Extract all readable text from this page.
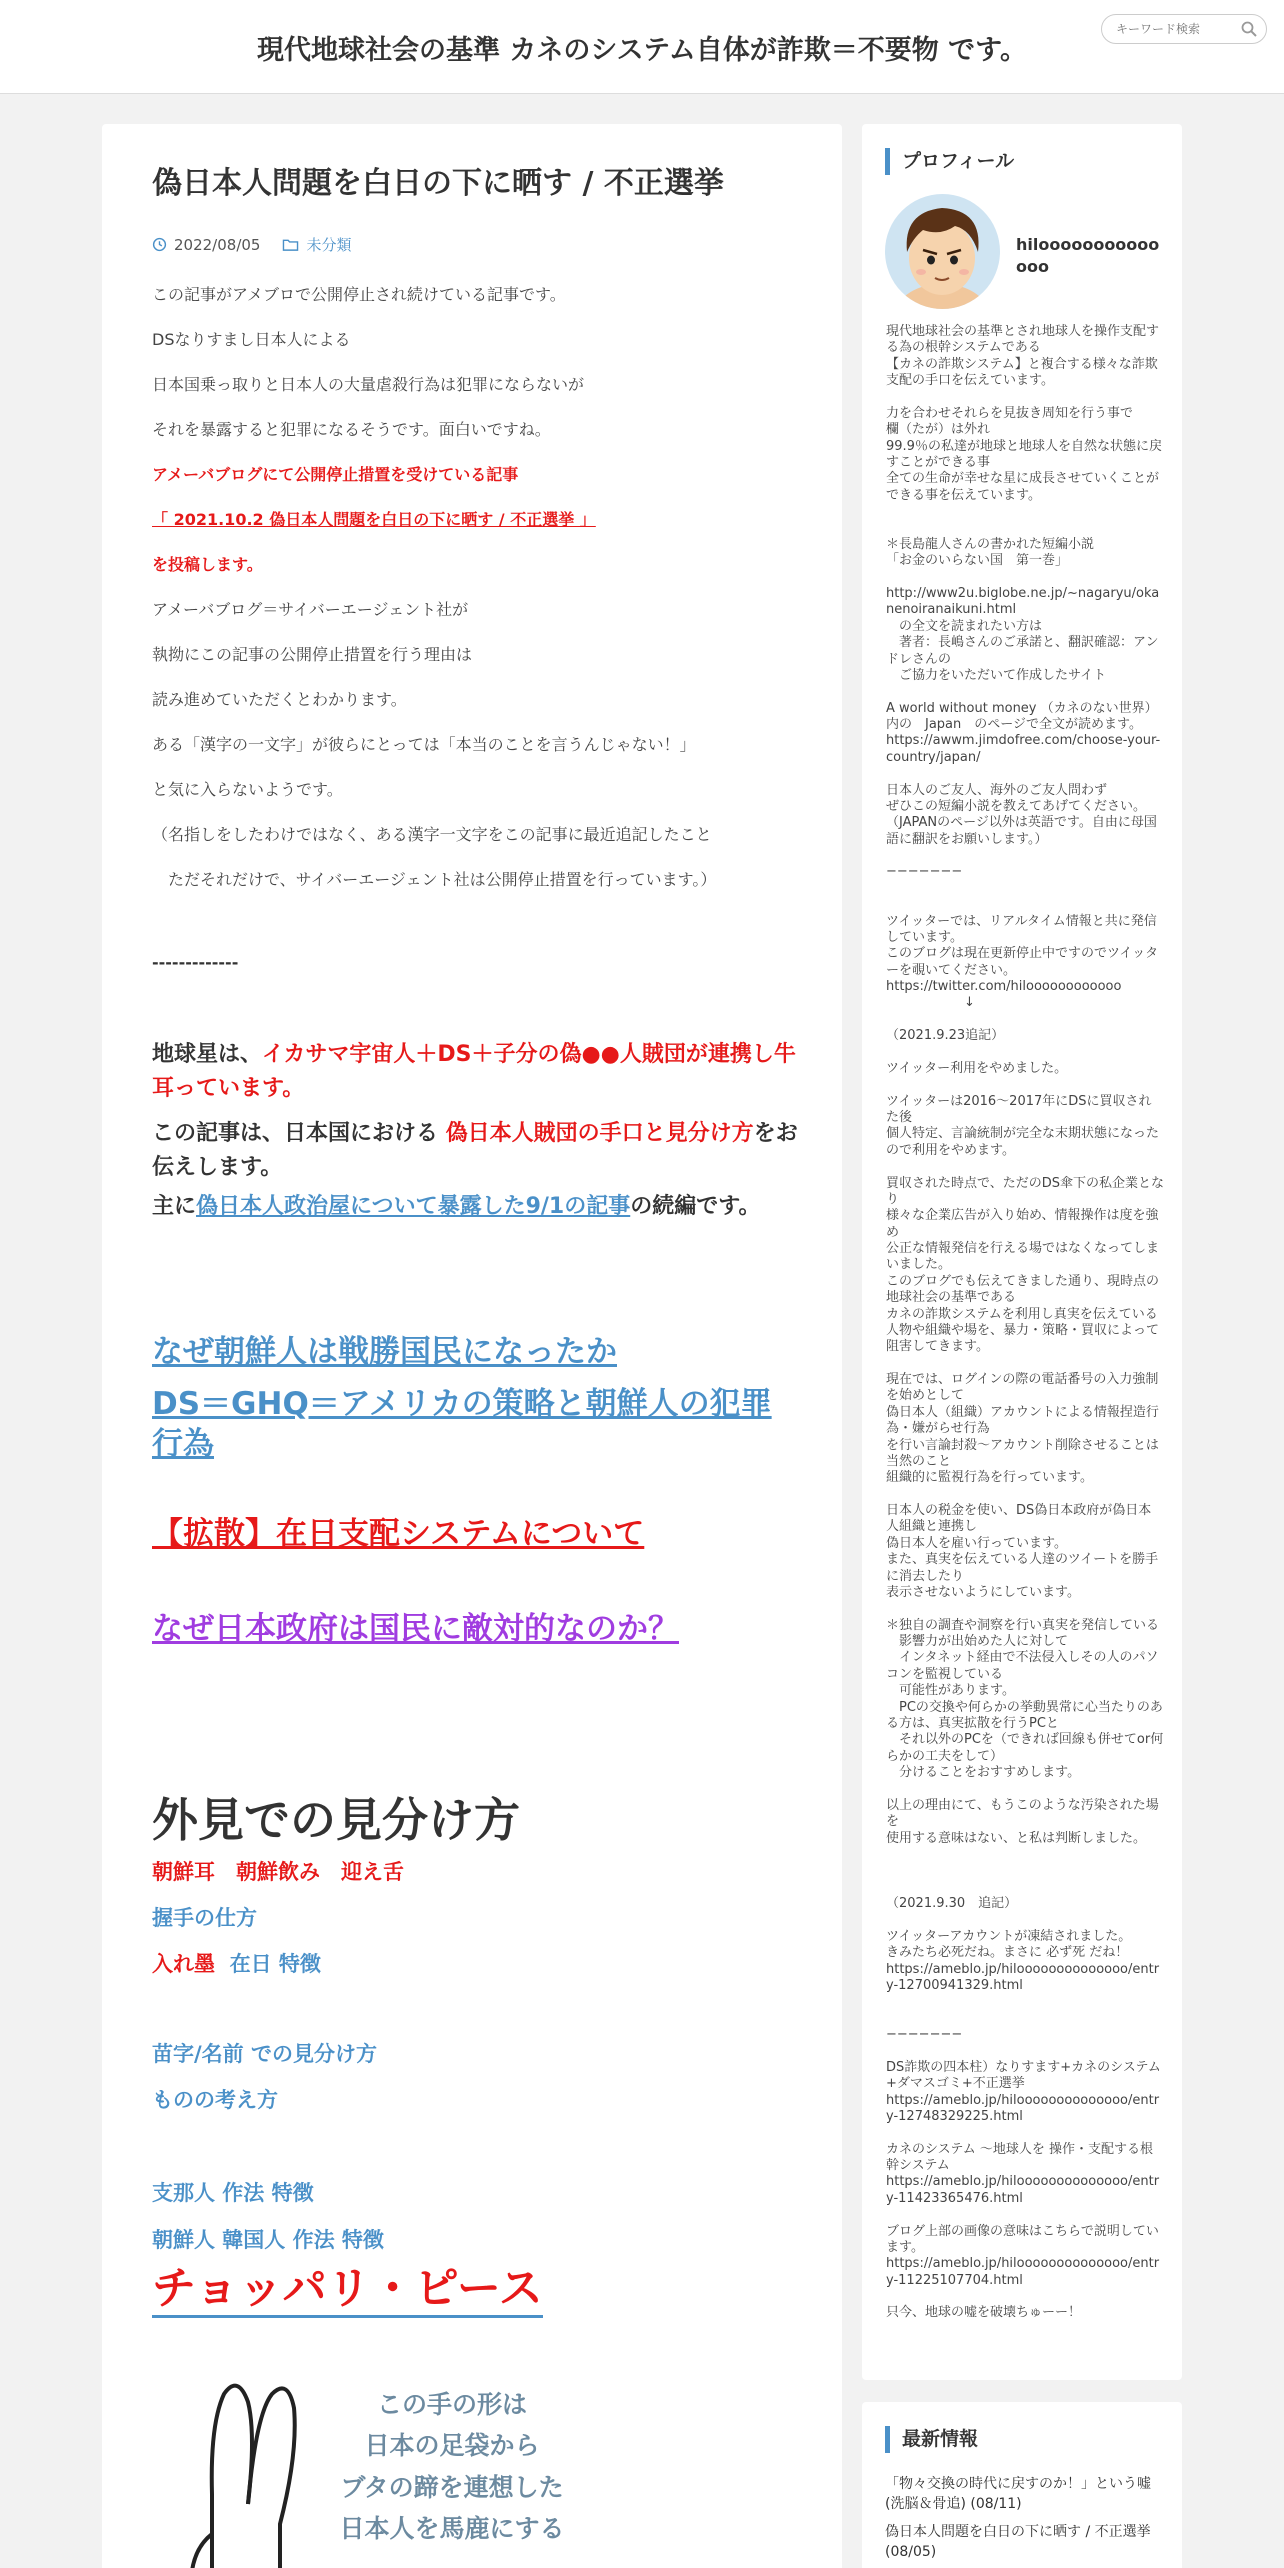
現代地球社会の基準 カネのシステム自体が詐欺＝不要物 です。
キーワード検索
偽日本人問題を白日の下に晒す / 不正選挙
2022/08/05	未分類
この記事がアメブロで公開停止され続けている記事です。
DSなりすまし日本人による
日本国乗っ取りと日本人の大量虐殺行為は犯罪にならないが
それを暴露すると犯罪になるそうです。面白いですね。
アメーバブログにて公開停止措置を受けている記事
「 2021.10.2 偽日本人問題を白日の下に晒す / 不正選挙 」
を投稿します。
アメーバブログ＝サイバーエージェント社が
執拗にこの記事の公開停止措置を行う理由は
読み進めていただくとわかります。
ある「漢字の一文字」が彼らにとっては「本当のことを言うんじゃない！」
と気に入らないようです。
（名指しをしたわけではなく、ある漢字一文字をこの記事に最近追記したこと
　ただそれだけで、サイバーエージェント社は公開停止措置を行っています。）
-------------
地球星は、イカサマ宇宙人＋DS＋子分の偽●●人賊団が連携し牛耳っています。
この記事は、日本国における 偽日本人賊団の手口と見分け方をお伝えします。
主に偽日本人政治屋について暴露した9/1の記事の続編です。
なぜ朝鮮人は戦勝国民になったか
DS＝GHQ＝アメリカの策略と朝鮮人の犯罪行為
【拡散】在日支配システムについて
なぜ日本政府は国民に敵対的なのか？
外見での見分け方
朝鮮耳　朝鮮飲み　迎え舌
握手の仕方
入れ墨 在日 特徴
苗字/名前 での見分け方
ものの考え方
支那人 作法 特徴
朝鮮人 韓国人 作法 特徴
チョッパリ・ピース
この手の形は
日本の足袋から
ブタの蹄を連想した
日本人を馬鹿にする
プロフィール
hiloooooooooooooo
現代地球社会の基準とされ地球人を操作支配する為の根幹システムである
【カネの詐欺システム】と複合する様々な詐欺支配の手口を伝えています。

力を合わせそれらを見抜き周知を行う事で
欄（たが）は外れ
99.9％の私達が地球と地球人を自然な状態に戻すことができる事
全ての生命が幸せな星に成長させていくことができる事を伝えています。

＊長島龍人さんの書かれた短編小説
「お金のいらない国　第一巻」

http://www2u.biglobe.ne.jp/~nagaryu/okanenoiranaikuni.html
　の全文を読まれたい方は
　著者：長嶋さんのご承諾と、翻訳確認：アンドレさんの
　ご協力をいただいて作成したサイト

A world without money （カネのない世界）内の　Japan　のページで全文が読めます。
https://awwm.jimdofree.com/choose-your-country/japan/

日本人のご友人、海外のご友人問わず
ぜひこの短編小説を教えてあげてください。
（JAPANのページ以外は英語です。自由に母国語に翻訳をお願いします。）

−−−−−−−

ツイッターでは、リアルタイム情報と共に発信しています。
このブログは現在更新停止中ですのでツイッターを覗いてください。
https://twitter.com/hiloooooooooooo
　　　　　　↓

（2021.9.23追記）

ツイッター利用をやめました。

ツイッターは2016～2017年にDSに買収された後
個人特定、言論統制が完全な末期状態になったので利用をやめます。

買収された時点で、ただのDS傘下の私企業となり
様々な企業広告が入り始め、情報操作は度を強め
公正な情報発信を行える場ではなくなってしまいました。
このブログでも伝えてきました通り、現時点の地球社会の基準である
カネの詐欺システムを利用し真実を伝えている
人物や組織や場を、暴力・策略・買収によって阻害してきます。

現在では、ログインの際の電話番号の入力強制を始めとして
偽日本人（組織）アカウントによる情報捏造行為・嫌がらせ行為
を行い言論封殺～アカウント削除させることは当然のこと
組織的に監視行為を行っています。

日本人の税金を使い、DS偽日本政府が偽日本人組織と連携し
偽日本人を雇い行っています。
また、真実を伝えている人達のツイートを勝手に消去したり
表示させないようにしています。

＊独自の調査や洞察を行い真実を発信している
　影響力が出始めた人に対して
　インタネット経由で不法侵入しその人のパソコンを監視している
　可能性があります。
　PCの交換や何らかの挙動異常に心当たりのある方は、真実拡散を行うPCと
　それ以外のPCを（できれば回線も併せてor何らかの工夫をして）
　分けることをおすすめします。

以上の理由にて、もうこのような汚染された場を
使用する意味はない、と私は判断しました。

（2021.9.30　追記）

ツイッターアカウントが凍結されました。
きみたち必死だね。まさに 必ず死 だね！
https://ameblo.jp/hiloooooooooooooo/entry-12700941329.html

−−−−−−−

DS詐欺の四本柱）なりすます+カネのシステム+ダマスゴミ+不正選挙
https://ameblo.jp/hiloooooooooooooo/entry-12748329225.html

カネのシステム ～地球人を 操作・支配する根幹システム
https://ameblo.jp/hiloooooooooooooo/entry-11423365476.html

ブログ上部の画像の意味はこちらで説明しています。
https://ameblo.jp/hiloooooooooooooo/entry-11225107704.html

只今、地球の嘘を破壊ちゅーー！
最新情報
「物々交換の時代に戻すのか！」という嘘(洗脳＆骨追) (08/11)
偽日本人問題を白日の下に晒す / 不正選挙 (08/05)
